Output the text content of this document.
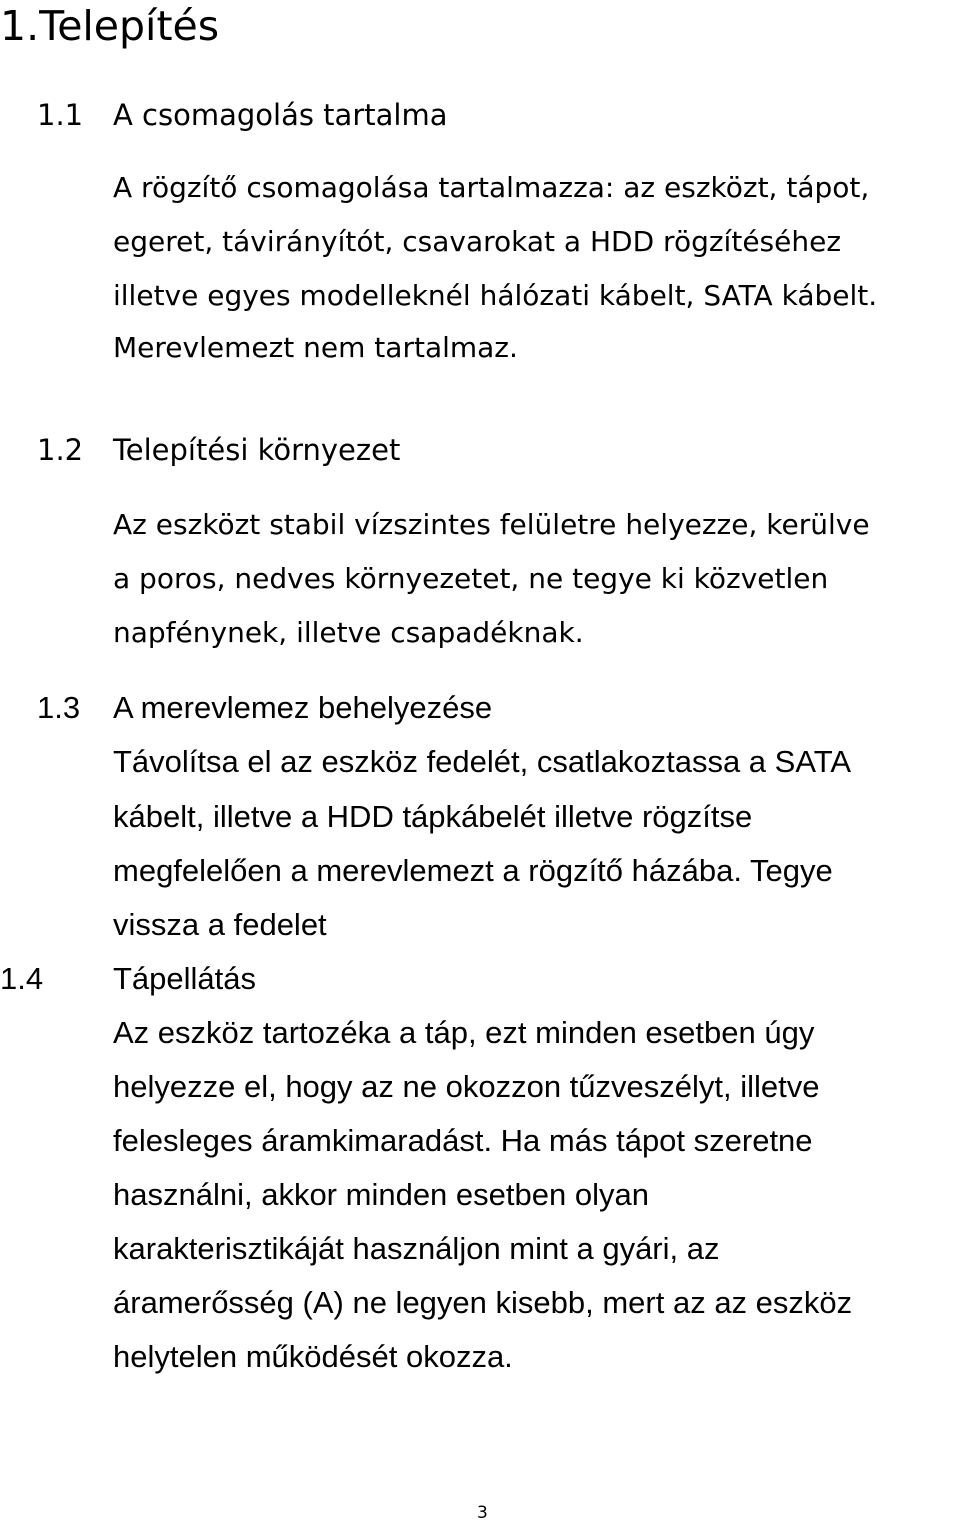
1.Telepítés
1.1 A csomagolás tartalma

A rögzítő csomagolása tartalmazza: az eszközt, tápot,

egeret, távirányítót, csavarokat a HDD rögzítéséhez

illetve egyes modelleknél hálózati kábelt, SATA kábelt.

Merevlemezt nem tartalmaz.

1.2 Telepítési környezet

Az eszközt stabil vízszintes felületre helyezze, kerülve

a poros, nedves környezetet, ne tegye ki közvetlen

napfénynek, illetve csapadéknak.

1.3 A merevlemez behelyezése

Távolítsa el az eszköz fedelét, csatlakoztassa a SATA

kábelt, illetve a HDD tápkábelét illetve rögzítse

megfelelően a merevlemezt a rögzítő házába. Tegye

vissza a fedelet

1.4 Tápellátás

Az eszköz tartozéka a táp, ezt minden esetben úgy

helyezze el, hogy az ne okozzon tűzveszélyt, illetve

felesleges áramkimaradást. Ha más tápot szeretne

használni, akkor minden esetben olyan

karakterisztikáját használjon mint a gyári, az

áramerősség (A) ne legyen kisebb, mert az az eszköz

helytelen működését okozza.

3
